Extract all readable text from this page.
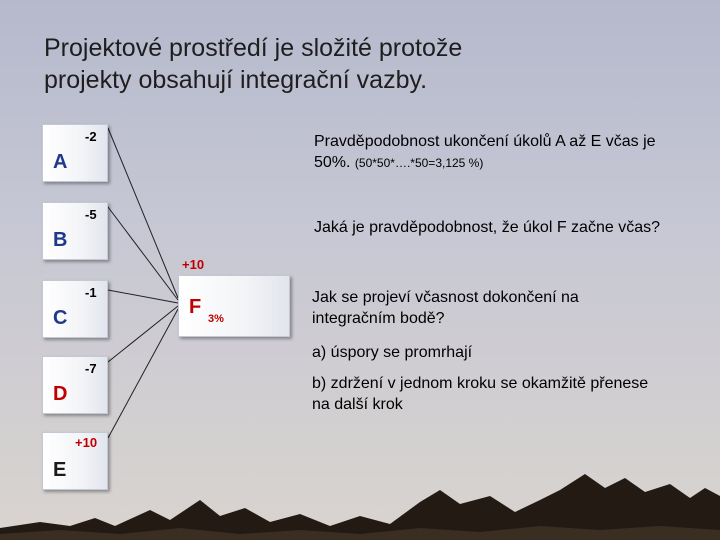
Projektové prostředí je složité protože
projekty obsahují integrační vazby.
A
-2
B
-5
C
-1
D
-7
E
+10
+10
F
3%
Pravděpodobnost ukončení úkolů A až E včas je 50%. (50*50*….*50=3,125 %)
Jaká je pravděpodobnost, že úkol F začne včas?
Jak se projeví včasnost dokončení na integračním bodě?
a) úspory se promrhají
b) zdržení v jednom kroku se okamžitě přenese na další krok
